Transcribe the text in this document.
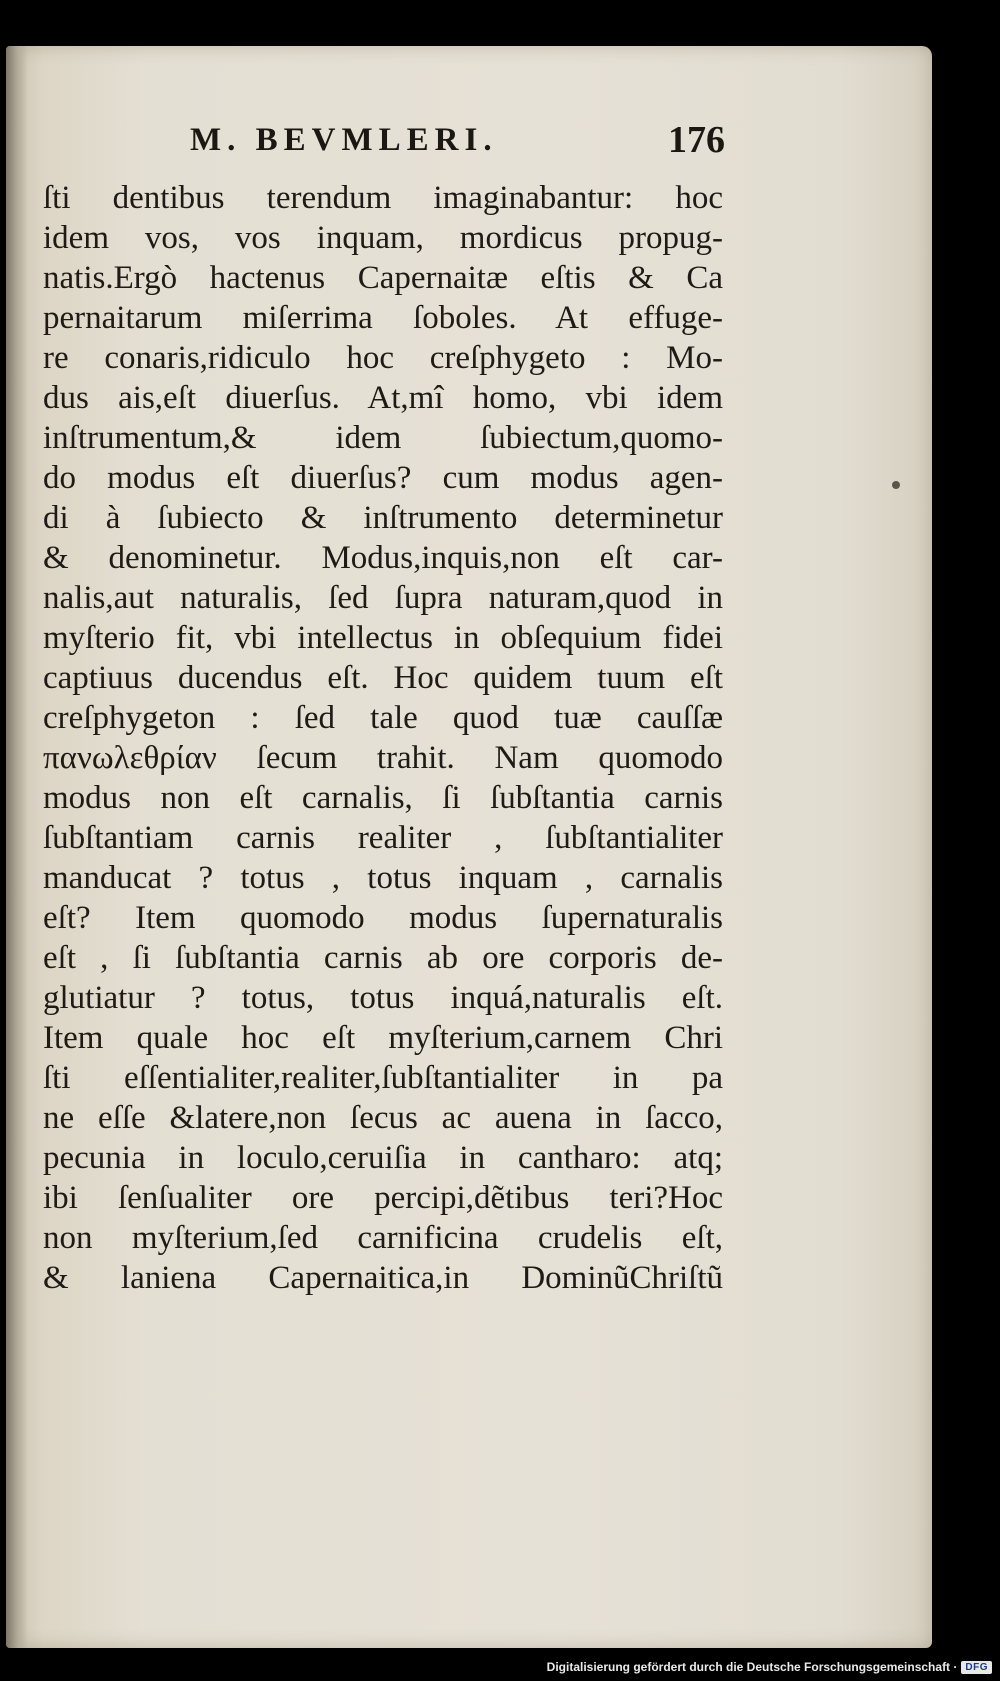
M. BEVMLERI.	176
ſti dentibus terendum imaginabantur: hoc
idem vos, vos inquam, mordicus propug-
natis.Ergò hactenus Capernaitæ eſtis & Ca
pernaitarum miſerrima ſoboles. At effuge-
re conaris,ridiculo hoc creſphygeto : Mo-
dus ais,eſt diuerſus. At,mî homo, vbi idem
inſtrumentum,& idem ſubiectum,quomo-
do modus eſt diuerſus? cum modus agen-
di à ſubiecto & inſtrumento determinetur
& denominetur. Modus,inquis,non eſt car-
nalis,aut naturalis, ſed ſupra naturam,quod in
myſterio fit, vbi intellectus in obſequium fidei
captiuus ducendus eſt. Hoc quidem tuum eſt
creſphygeton : ſed tale quod tuæ cauſſæ
πανωλεθρίαν ſecum trahit. Nam quomodo
modus non eſt carnalis, ſi ſubſtantia carnis
ſubſtantiam carnis realiter , ſubſtantialiter
manducat ? totus , totus inquam , carnalis
eſt? Item quomodo modus ſupernaturalis
eſt , ſi ſubſtantia carnis ab ore corporis de-
glutiatur ? totus, totus inquá,naturalis eſt.
Item quale hoc eſt myſterium,carnem Chri
ſti eſſentialiter,realiter,ſubſtantialiter in pa
ne eſſe &latere,non ſecus ac auena in ſacco,
pecunia in loculo,ceruiſia in cantharo: atq;
ibi ſenſualiter ore percipi,dẽtibus teri?Hoc
non myſterium,ſed carnificina crudelis eſt,
& laniena Capernaitica,in DominũChriſtũ
Digitalisierung gefördert durch die Deutsche Forschungsgemeinschaft · DFG
